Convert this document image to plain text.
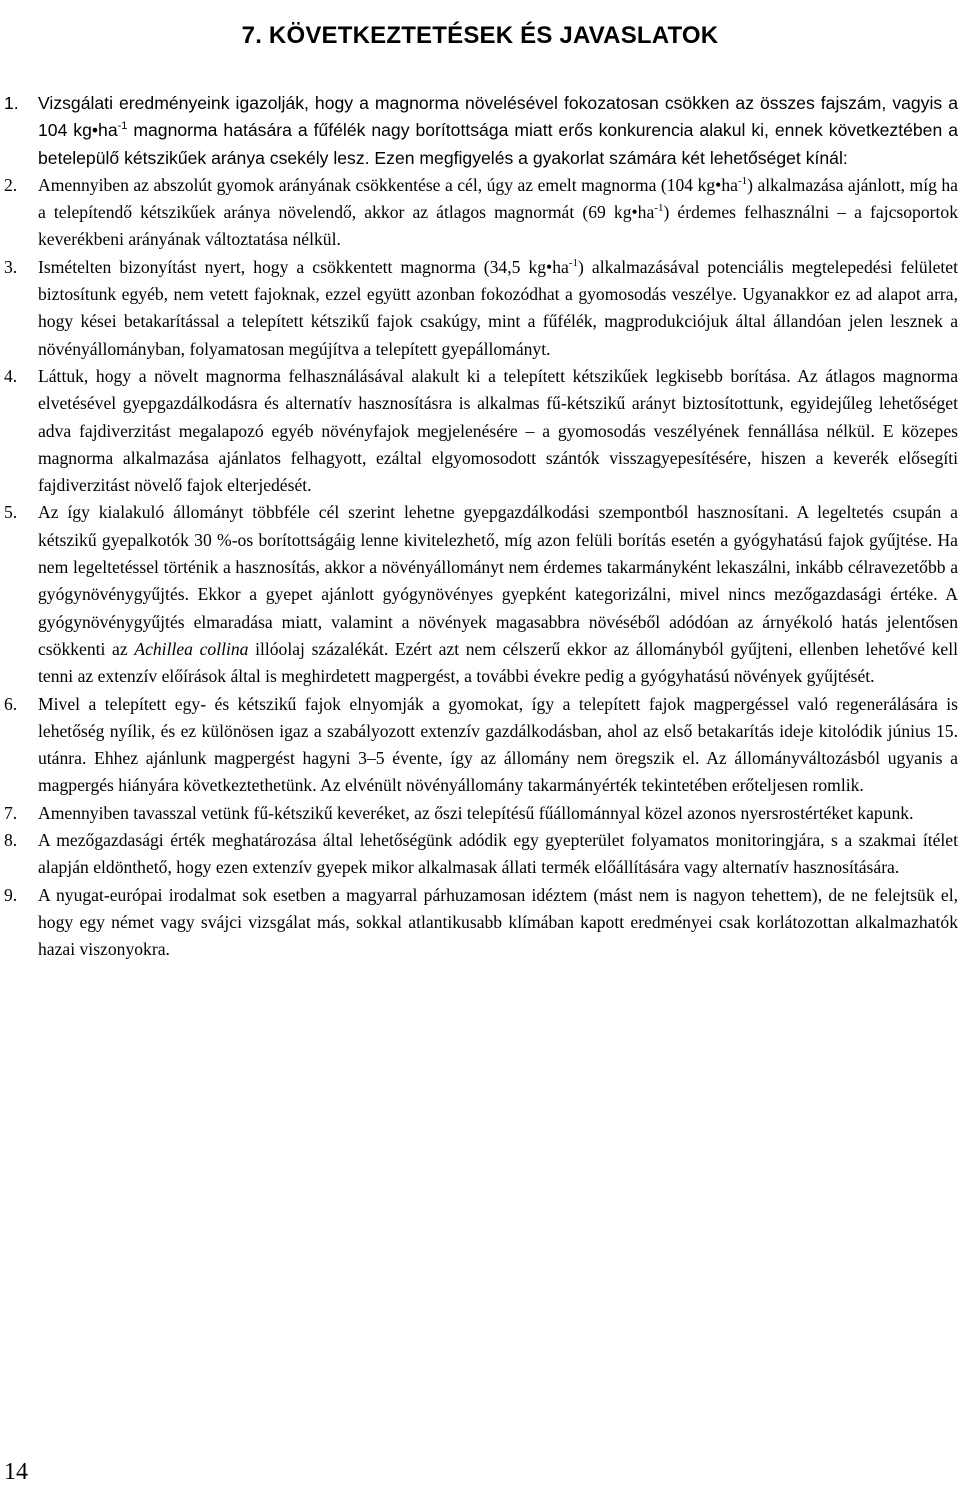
7. KÖVETKEZTETÉSEK ÉS JAVASLATOK
1. Vizsgálati eredményeink igazolják, hogy a magnorma növelésével fokozatosan csökken az összes fajszám, vagyis a 104 $kg•ha^{-1}$ magnorma hatására a fűfélék nagy borítottsága miatt erős konkurencia alakul ki, ennek következtében a betelepülő kétszikűek aránya csekély lesz. Ezen megfigyelés a gyakorlat számára két lehetőséget kínál:
2. Amennyiben az abszolút gyomok arányának csökkentése a cél, úgy az emelt magnorma (104 $kg•ha^{-1}$) alkalmazása ajánlott, míg ha a telepítendő kétszikűek aránya növelendő, akkor az átlagos magnormát (69 $kg•ha^{-1}$) érdemes felhasználni – a fajcsoportok keverékbeni arányának változtatása nélkül.
3. Ismételten bizonyítást nyert, hogy a csökkentett magnorma (34,5 $kg•ha^{-1}$) alkalmazásával potenciális megtelepedési felületet biztosítunk egyéb, nem vetett fajoknak, ezzel együtt azonban fokozódhat a gyomosodás veszélye. Ugyanakkor ez ad alapot arra, hogy kései betakarítással a telepített kétszikű fajok csakúgy, mint a fűfélék, magprodukciójuk által állandóan jelen lesznek a növényállományban, folyamatosan megújítva a telepített gyepállományt.
4. Láttuk, hogy a növelt magnorma felhasználásával alakult ki a telepített kétszikűek legkisebb borítása. Az átlagos magnorma elvetésével gyepgazdálkodásra és alternatív hasznosításra is alkalmas fű-kétszikű arányt biztosítottunk, egyidejűleg lehetőséget adva fajdiverzitást megalapozó egyéb növényfajok megjelenésére – a gyomosodás veszélyének fennállása nélkül. E közepes magnorma alkalmazása ajánlatos felhagyott, ezáltal elgyomosodott szántók visszagyepesítésére, hiszen a keverék elősegíti fajdiverzitást növelő fajok elterjedését.
5. Az így kialakuló állományt többféle cél szerint lehetne gyepgazdálkodási szempontból hasznosítani. A legeltetés csupán a kétszikű gyepalkotók 30 %-os borítottságáig lenne kivitelezhető, míg azon felüli borítás esetén a gyógyhatású fajok gyűjtése. Ha nem legeltetéssel történik a hasznosítás, akkor a növényállományt nem érdemes takarmányként lekaszálni, inkább célravezetőbb a gyógynövénygyűjtés. Ekkor a gyepet ajánlott gyógynövényes gyepként kategorizálni, mivel nincs mezőgazdasági értéke. A gyógynövénygyűjtés elmaradása miatt, valamint a növények magasabbra növéséből adódóan az árnyékoló hatás jelentősen csökkenti az Achillea collina illóolaj százalékát. Ezért azt nem célszerű ekkor az állományból gyűjteni, ellenben lehetővé kell tenni az extenzív előírások által is meghirdetett magpergést, a további évekre pedig a gyógyhatású növények gyűjtését.
6. Mivel a telepített egy- és kétszikű fajok elnyomják a gyomokat, így a telepített fajok magpergéssel való regenerálására is lehetőség nyílik, és ez különösen igaz a szabályozott extenzív gazdálkodásban, ahol az első betakarítás ideje kitolódik június 15. utánra. Ehhez ajánlunk magpergést hagyni 3–5 évente, így az állomány nem öregszik el. Az állományváltozásból ugyanis a magpergés hiányára következtethetünk. Az elvénült növényállomány takarmányérték tekintetében erőteljesen romlik.
7. Amennyiben tavasszal vetünk fű-kétszikű keveréket, az őszi telepítésű fűállománnyal közel azonos nyersrostértéket kapunk.
8. A mezőgazdasági érték meghatározása által lehetőségünk adódik egy gyepterület folyamatos monitoringjára, s a szakmai ítélet alapján eldönthető, hogy ezen extenzív gyepek mikor alkalmasak állati termék előállítására vagy alternatív hasznosítására.
9. A nyugat-európai irodalmat sok esetben a magyarral párhuzamosan idéztem (mást nem is nagyon tehettem), de ne felejtsük el, hogy egy német vagy svájci vizsgálat más, sokkal atlantikusabb klímában kapott eredményei csak korlátozottan alkalmazhatók hazai viszonyokra.
14
